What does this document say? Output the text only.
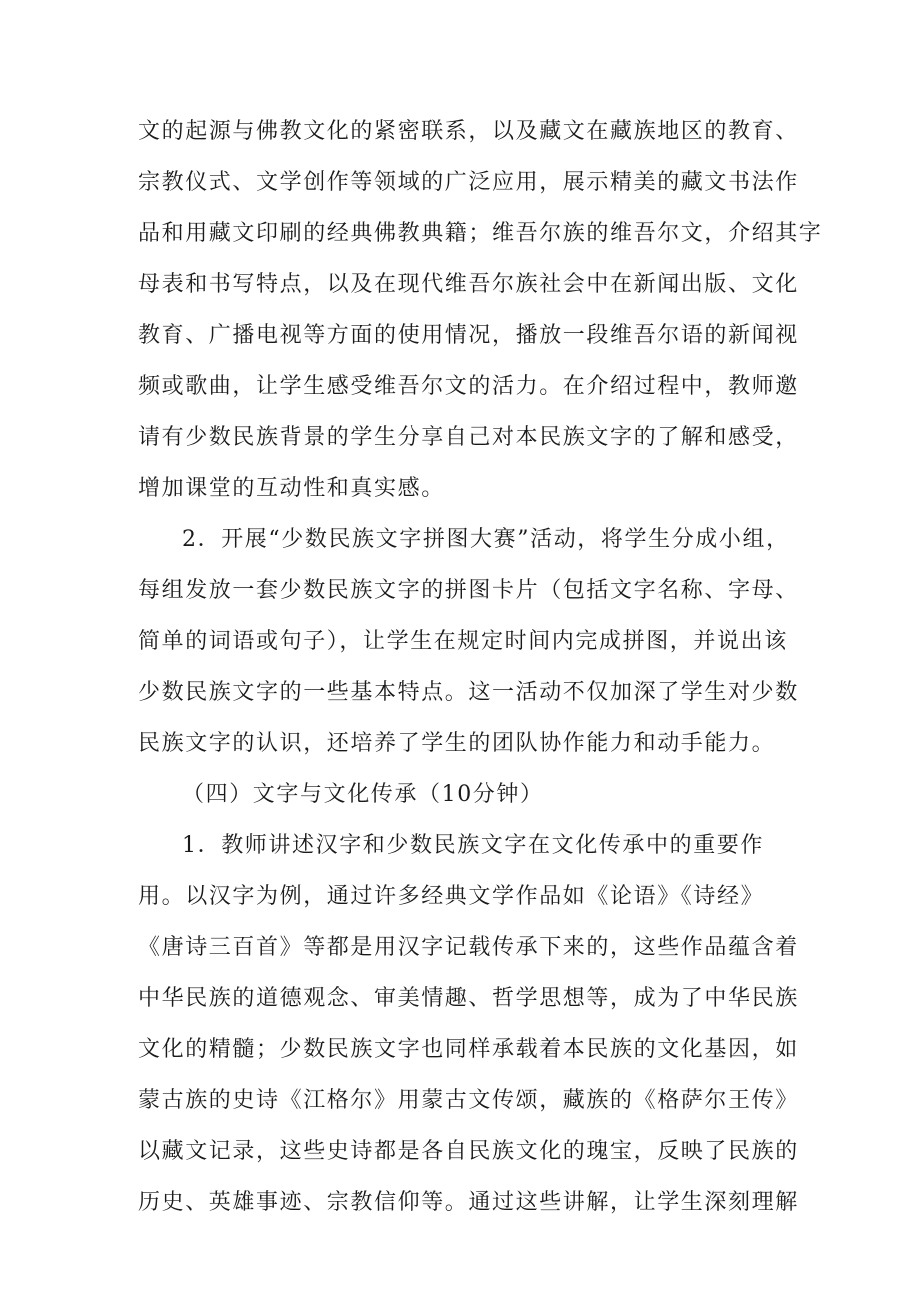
文的起源与佛教文化的紧密联系，以及藏文在藏族地区的教育、
宗教仪式、文学创作等领域的广泛应用，展示精美的藏文书法作
品和用藏文印刷的经典佛教典籍；维吾尔族的维吾尔文，介绍其字
母表和书写特点，以及在现代维吾尔族社会中在新闻出版、文化
教育、广播电视等方面的使用情况，播放一段维吾尔语的新闻视
频或歌曲，让学生感受维吾尔文的活力。在介绍过程中，教师邀
请有少数民族背景的学生分享自己对本民族文字的了解和感受，
增加课堂的互动性和真实感。
2．开展“少数民族文字拼图大赛”活动，将学生分成小组，
每组发放一套少数民族文字的拼图卡片（包括文字名称、字母、
简单的词语或句子），让学生在规定时间内完成拼图，并说出该
少数民族文字的一些基本特点。这一活动不仅加深了学生对少数
民族文字的认识，还培养了学生的团队协作能力和动手能力。
（四）文字与文化传承（10分钟）
1．教师讲述汉字和少数民族文字在文化传承中的重要作
用。以汉字为例，通过许多经典文学作品如《论语》《诗经》
《唐诗三百首》等都是用汉字记载传承下来的，这些作品蕴含着
中华民族的道德观念、审美情趣、哲学思想等，成为了中华民族
文化的精髓；少数民族文字也同样承载着本民族的文化基因，如
蒙古族的史诗《江格尔》用蒙古文传颂，藏族的《格萨尔王传》
以藏文记录，这些史诗都是各自民族文化的瑰宝，反映了民族的
历史、英雄事迹、宗教信仰等。通过这些讲解，让学生深刻理解
